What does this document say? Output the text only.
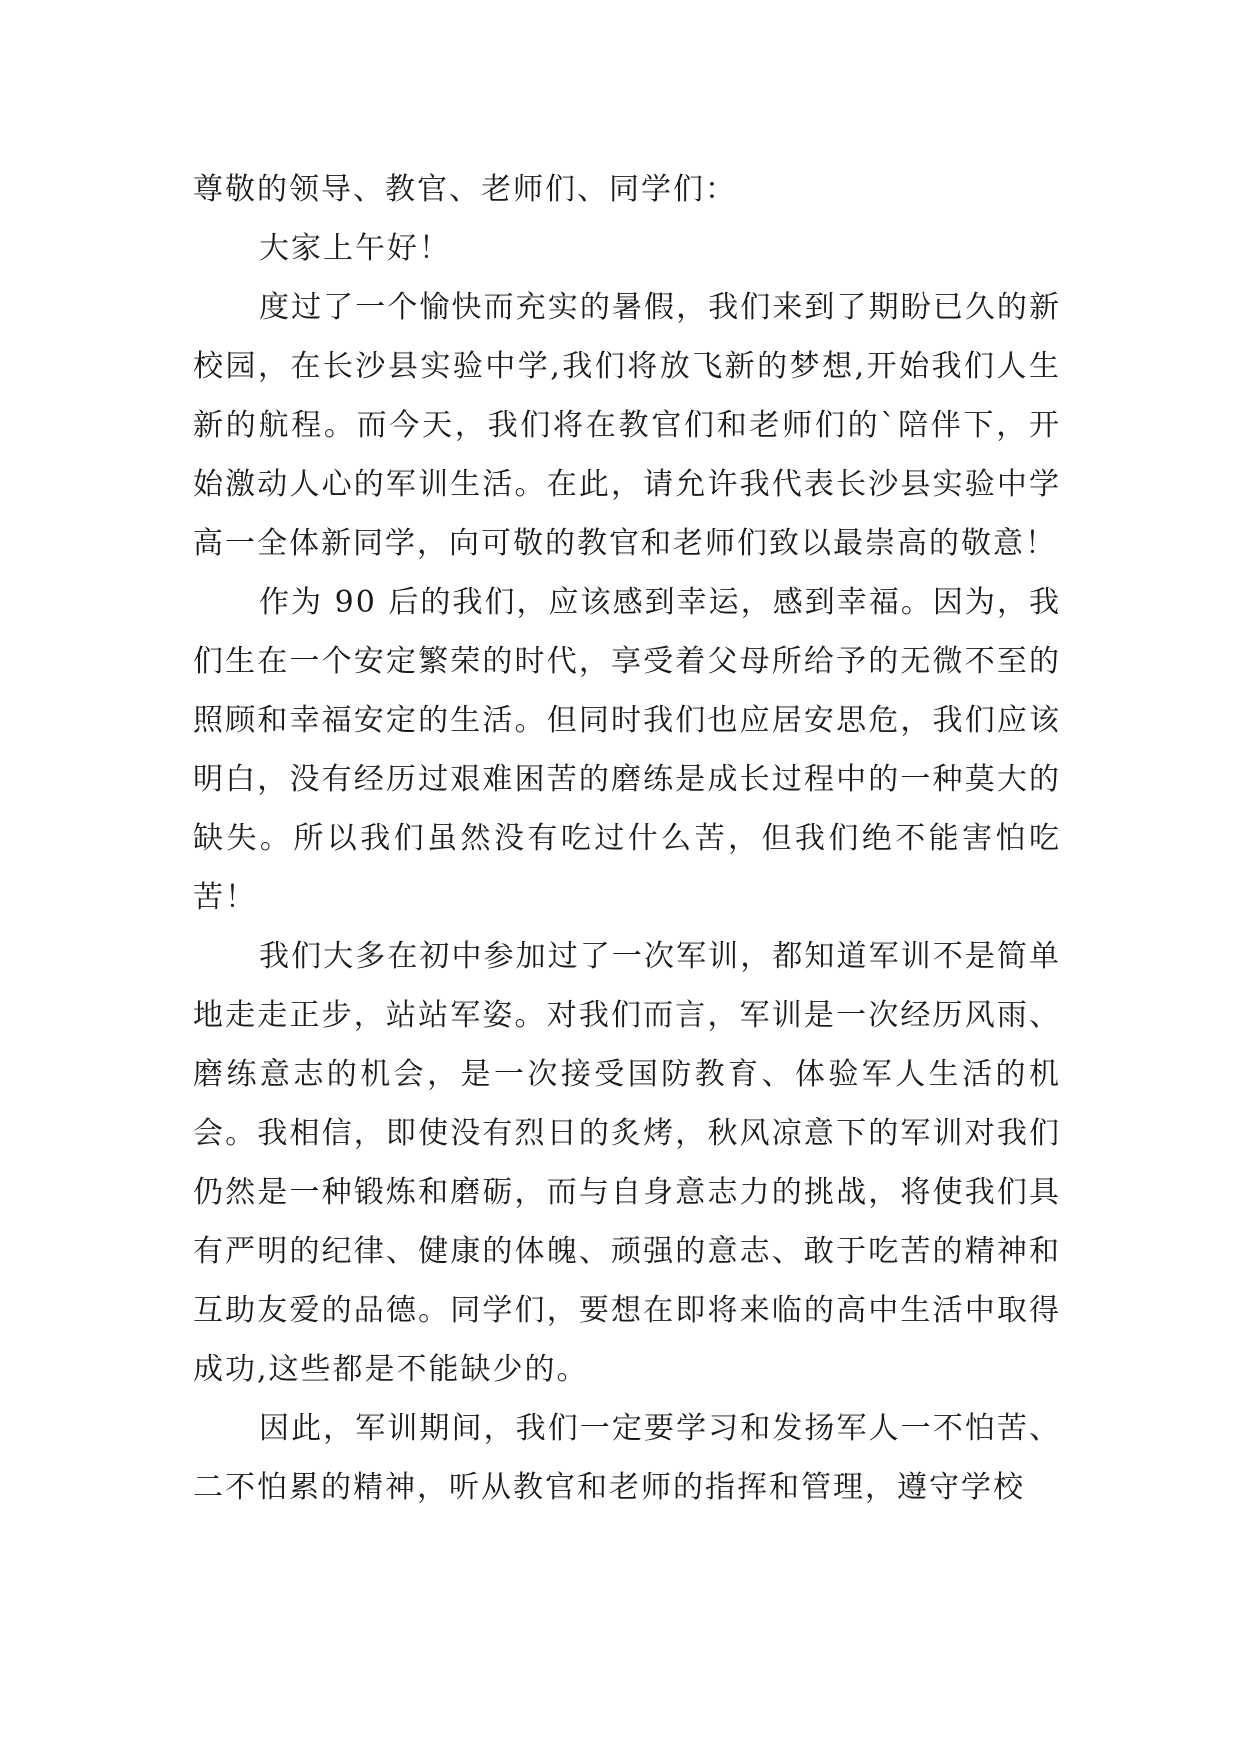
尊敬的领导、教官、老师们、同学们：

大家上午好！

度过了一个愉快而充实的暑假，我们来到了期盼已久的新校园，在长沙县实验中学,我们将放飞新的梦想,开始我们人生新的航程。而今天，我们将在教官们和老师们的`陪伴下，开始激动人心的军训生活。在此，请允许我代表长沙县实验中学高一全体新同学，向可敬的教官和老师们致以最崇高的敬意！

作为 90 后的我们，应该感到幸运，感到幸福。因为，我们生在一个安定繁荣的时代，享受着父母所给予的无微不至的照顾和幸福安定的生活。但同时我们也应居安思危，我们应该明白，没有经历过艰难困苦的磨练是成长过程中的一种莫大的缺失。所以我们虽然没有吃过什么苦，但我们绝不能害怕吃苦！

我们大多在初中参加过了一次军训，都知道军训不是简单地走走正步，站站军姿。对我们而言，军训是一次经历风雨、磨练意志的机会，是一次接受国防教育、体验军人生活的机会。我相信，即使没有烈日的炙烤，秋风凉意下的军训对我们仍然是一种锻炼和磨砺，而与自身意志力的挑战，将使我们具有严明的纪律、健康的体魄、顽强的意志、敢于吃苦的精神和互助友爱的品德。同学们，要想在即将来临的高中生活中取得成功,这些都是不能缺少的。

因此，军训期间，我们一定要学习和发扬军人一不怕苦、二不怕累的精神，听从教官和老师的指挥和管理，遵守学校
